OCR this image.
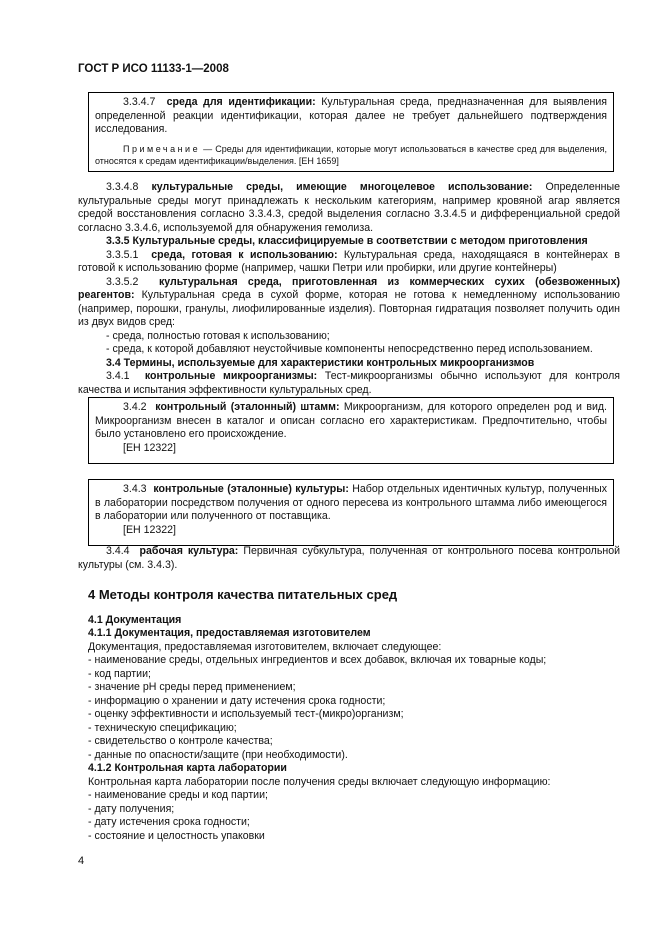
ГОСТ Р ИСО 11133-1—2008

3.3.4.7 среда для идентификации: Культуральная среда, предназначенная для выявления определенной реакции идентификации, которая далее не требует дальнейшего подтверждения исследования.

Примечание — Среды для идентификации, которые могут использоваться в качестве сред для выделения, относятся к средам идентификации/выделения. [ЕН 1659]

3.3.4.8 культуральные среды, имеющие многоцелевое использование: Определенные культуральные среды могут принадлежать к нескольким категориям, например кровяной агар является средой восстановления согласно 3.3.4.3, средой выделения согласно 3.3.4.5 и дифференциальной средой согласно 3.3.4.6, используемой для обнаружения гемолиза.

3.3.5 Культуральные среды, классифицируемые в соответствии с методом приготовления

3.3.5.1 среда, готовая к использованию: Культуральная среда, находящаяся в контейнерах в готовой к использованию форме (например, чашки Петри или пробирки, или другие контейнеры)

3.3.5.2 культуральная среда, приготовленная из коммерческих сухих (обезвоженных) реагентов: Культуральная среда в сухой форме, которая не готова к немедленному использованию (например, порошки, гранулы, лиофилированные изделия). Повторная гидратация позволяет получить один из двух видов сред:

- среда, полностью готовая к использованию;

- среда, к которой добавляют неустойчивые компоненты непосредственно перед использованием.

3.4 Термины, используемые для характеристики контрольных микроорганизмов

3.4.1 контрольные микроорганизмы: Тест-микроорганизмы обычно используют для контроля качества и испытания эффективности культуральных сред.

3.4.2 контрольный (эталонный) штамм: Микроорганизм, для которого определен род и вид. Микроорганизм внесен в каталог и описан согласно его характеристикам. Предпочтительно, чтобы было установлено его происхождение.

[ЕН 12322]

3.4.3 контрольные (эталонные) культуры: Набор отдельных идентичных культур, полученных в лаборатории посредством получения от одного пересева из контрольного штамма либо имеющегося в лаборатории или полученного от поставщика.

[ЕН 12322]

3.4.4 рабочая культура: Первичная субкультура, полученная от контрольного посева контрольной культуры (см. 3.4.3).

4 Методы контроля качества питательных сред

4.1 Документация

4.1.1 Документация, предоставляемая изготовителем

Документация, предоставляемая изготовителем, включает следующее:

- наименование среды, отдельных ингредиентов и всех добавок, включая их товарные коды;

- код партии;

- значение pH среды перед применением;

- информацию о хранении и дату истечения срока годности;

- оценку эффективности и используемый тест-(микро)организм;

- техническую спецификацию;

- свидетельство о контроле качества;

- данные по опасности/защите (при необходимости).

4.1.2 Контрольная карта лаборатории

Контрольная карта лаборатории после получения среды включает следующую информацию:

- наименование среды и код партии;

- дату получения;

- дату истечения срока годности;

- состояние и целостность упаковки

4
